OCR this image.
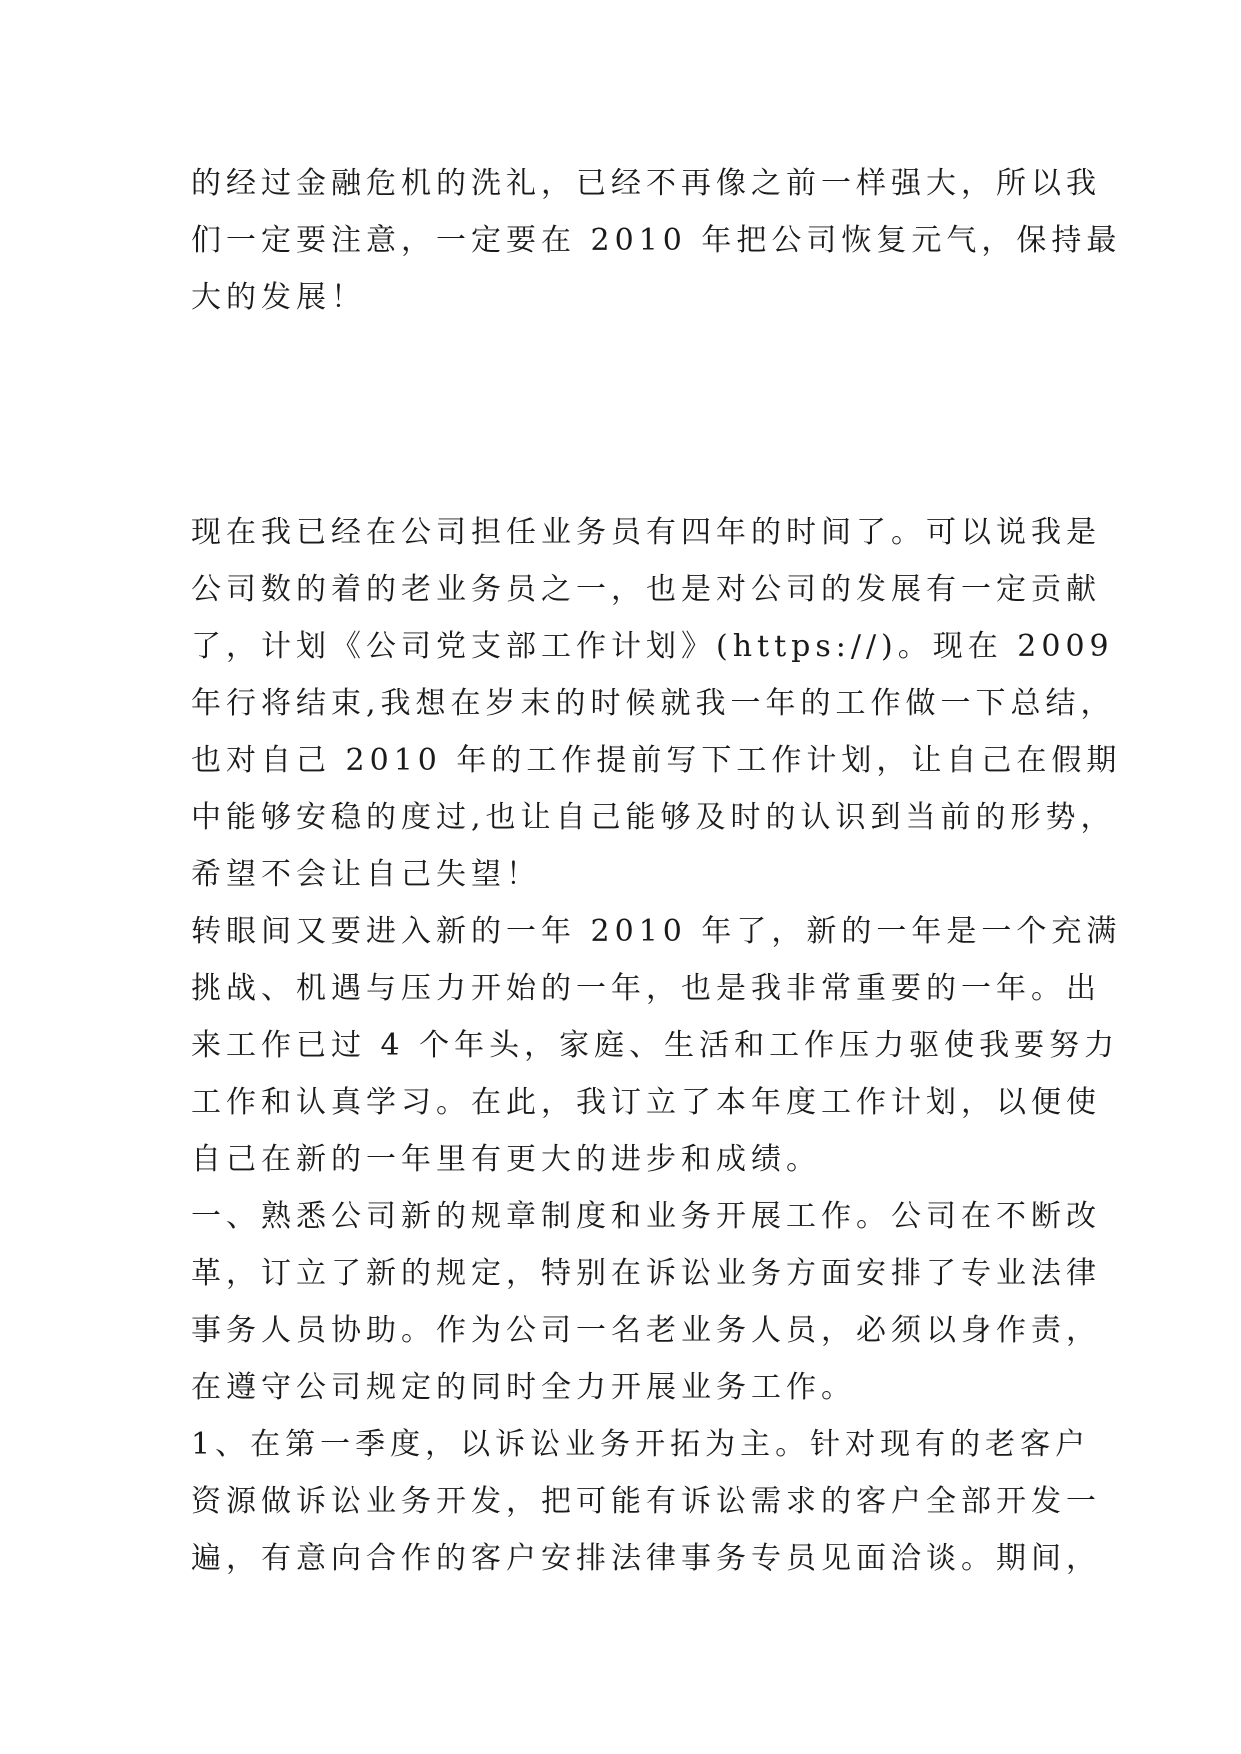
的经过金融危机的洗礼，已经不再像之前一样强大，所以我
们一定要注意，一定要在 2010 年把公司恢复元气，保持最
大的发展！
现在我已经在公司担任业务员有四年的时间了。可以说我是
公司数的着的老业务员之一，也是对公司的发展有一定贡献
了，计划《公司党支部工作计划》(https://)。现在 2009
年行将结束,我想在岁末的时候就我一年的工作做一下总结，
也对自己 2010 年的工作提前写下工作计划，让自己在假期
中能够安稳的度过,也让自己能够及时的认识到当前的形势，
希望不会让自己失望！
转眼间又要进入新的一年 2010 年了，新的一年是一个充满
挑战、机遇与压力开始的一年，也是我非常重要的一年。出
来工作已过 4 个年头，家庭、生活和工作压力驱使我要努力
工作和认真学习。在此，我订立了本年度工作计划，以便使
自己在新的一年里有更大的进步和成绩。
一、熟悉公司新的规章制度和业务开展工作。公司在不断改
革，订立了新的规定，特别在诉讼业务方面安排了专业法律
事务人员协助。作为公司一名老业务人员，必须以身作责，
在遵守公司规定的同时全力开展业务工作。
1、在第一季度，以诉讼业务开拓为主。针对现有的老客户
资源做诉讼业务开发，把可能有诉讼需求的客户全部开发一
遍，有意向合作的客户安排法律事务专员见面洽谈。期间，
